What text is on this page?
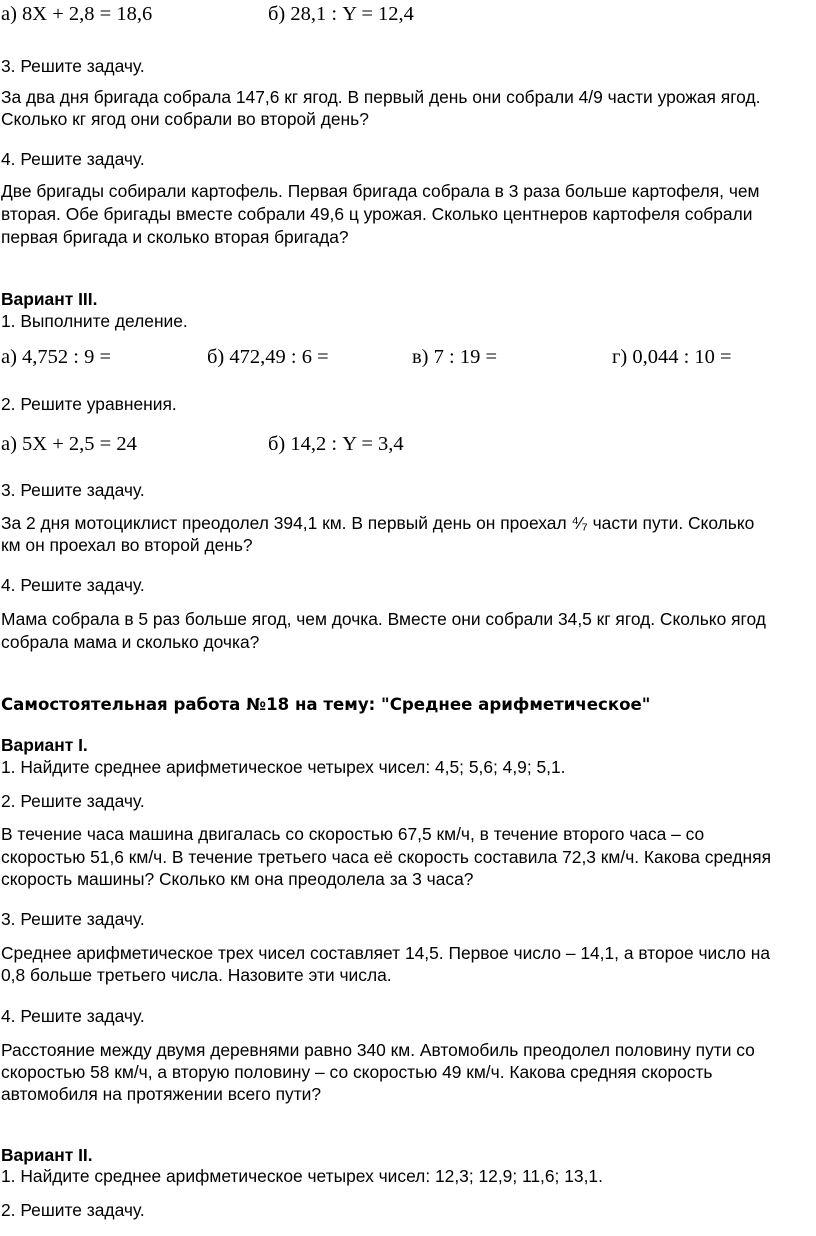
а) 8X + 2,8 = 18,6	б) 28,1 : Y = 12,4
3. Решите задачу.
За два дня бригада собрала 147,6 кг ягод. В первый день они собрали 4/9 части урожая ягод.
Сколько кг ягод они собрали во второй день?
4. Решите задачу.
Две бригады собирали картофель. Первая бригада собрала в 3 раза больше картофеля, чем
вторая. Обе бригады вместе собрали 49,6 ц урожая. Сколько центнеров картофеля собрали
первая бригада и сколько вторая бригада?
Вариант III.
1. Выполните деление.
а) 4,752 : 9 =	б) 472,49 : 6 =	в) 7 : 19 =	г) 0,044 : 10 =
2. Решите уравнения.
а) 5X + 2,5 = 24	б) 14,2 : Y = 3,4
3. Решите задачу.
За 2 дня мотоциклист преодолел 394,1 км. В первый день он проехал ⁴⁄₇ части пути. Сколько
км он проехал во второй день?
4. Решите задачу.
Мама собрала в 5 раз больше ягод, чем дочка. Вместе они собрали 34,5 кг ягод. Сколько ягод
собрала мама и сколько дочка?
Самостоятельная работа №18 на тему: "Среднее арифметическое"
Вариант I.
1. Найдите среднее арифметическое четырех чисел: 4,5; 5,6; 4,9; 5,1.
2. Решите задачу.
В течение часа машина двигалась со скоростью 67,5 км/ч, в течение второго часа – со
скоростью 51,6 км/ч. В течение третьего часа её скорость составила 72,3 км/ч. Какова средняя
скорость машины? Сколько км она преодолела за 3 часа?
3. Решите задачу.
Среднее арифметическое трех чисел составляет 14,5. Первое число – 14,1, а второе число на
0,8 больше третьего числа. Назовите эти числа.
4. Решите задачу.
Расстояние между двумя деревнями равно 340 км. Автомобиль преодолел половину пути со
скоростью 58 км/ч, а вторую половину – со скоростью 49 км/ч. Какова средняя скорость
автомобиля на протяжении всего пути?
Вариант II.
1. Найдите среднее арифметическое четырех чисел: 12,3; 12,9; 11,6; 13,1.
2. Решите задачу.
